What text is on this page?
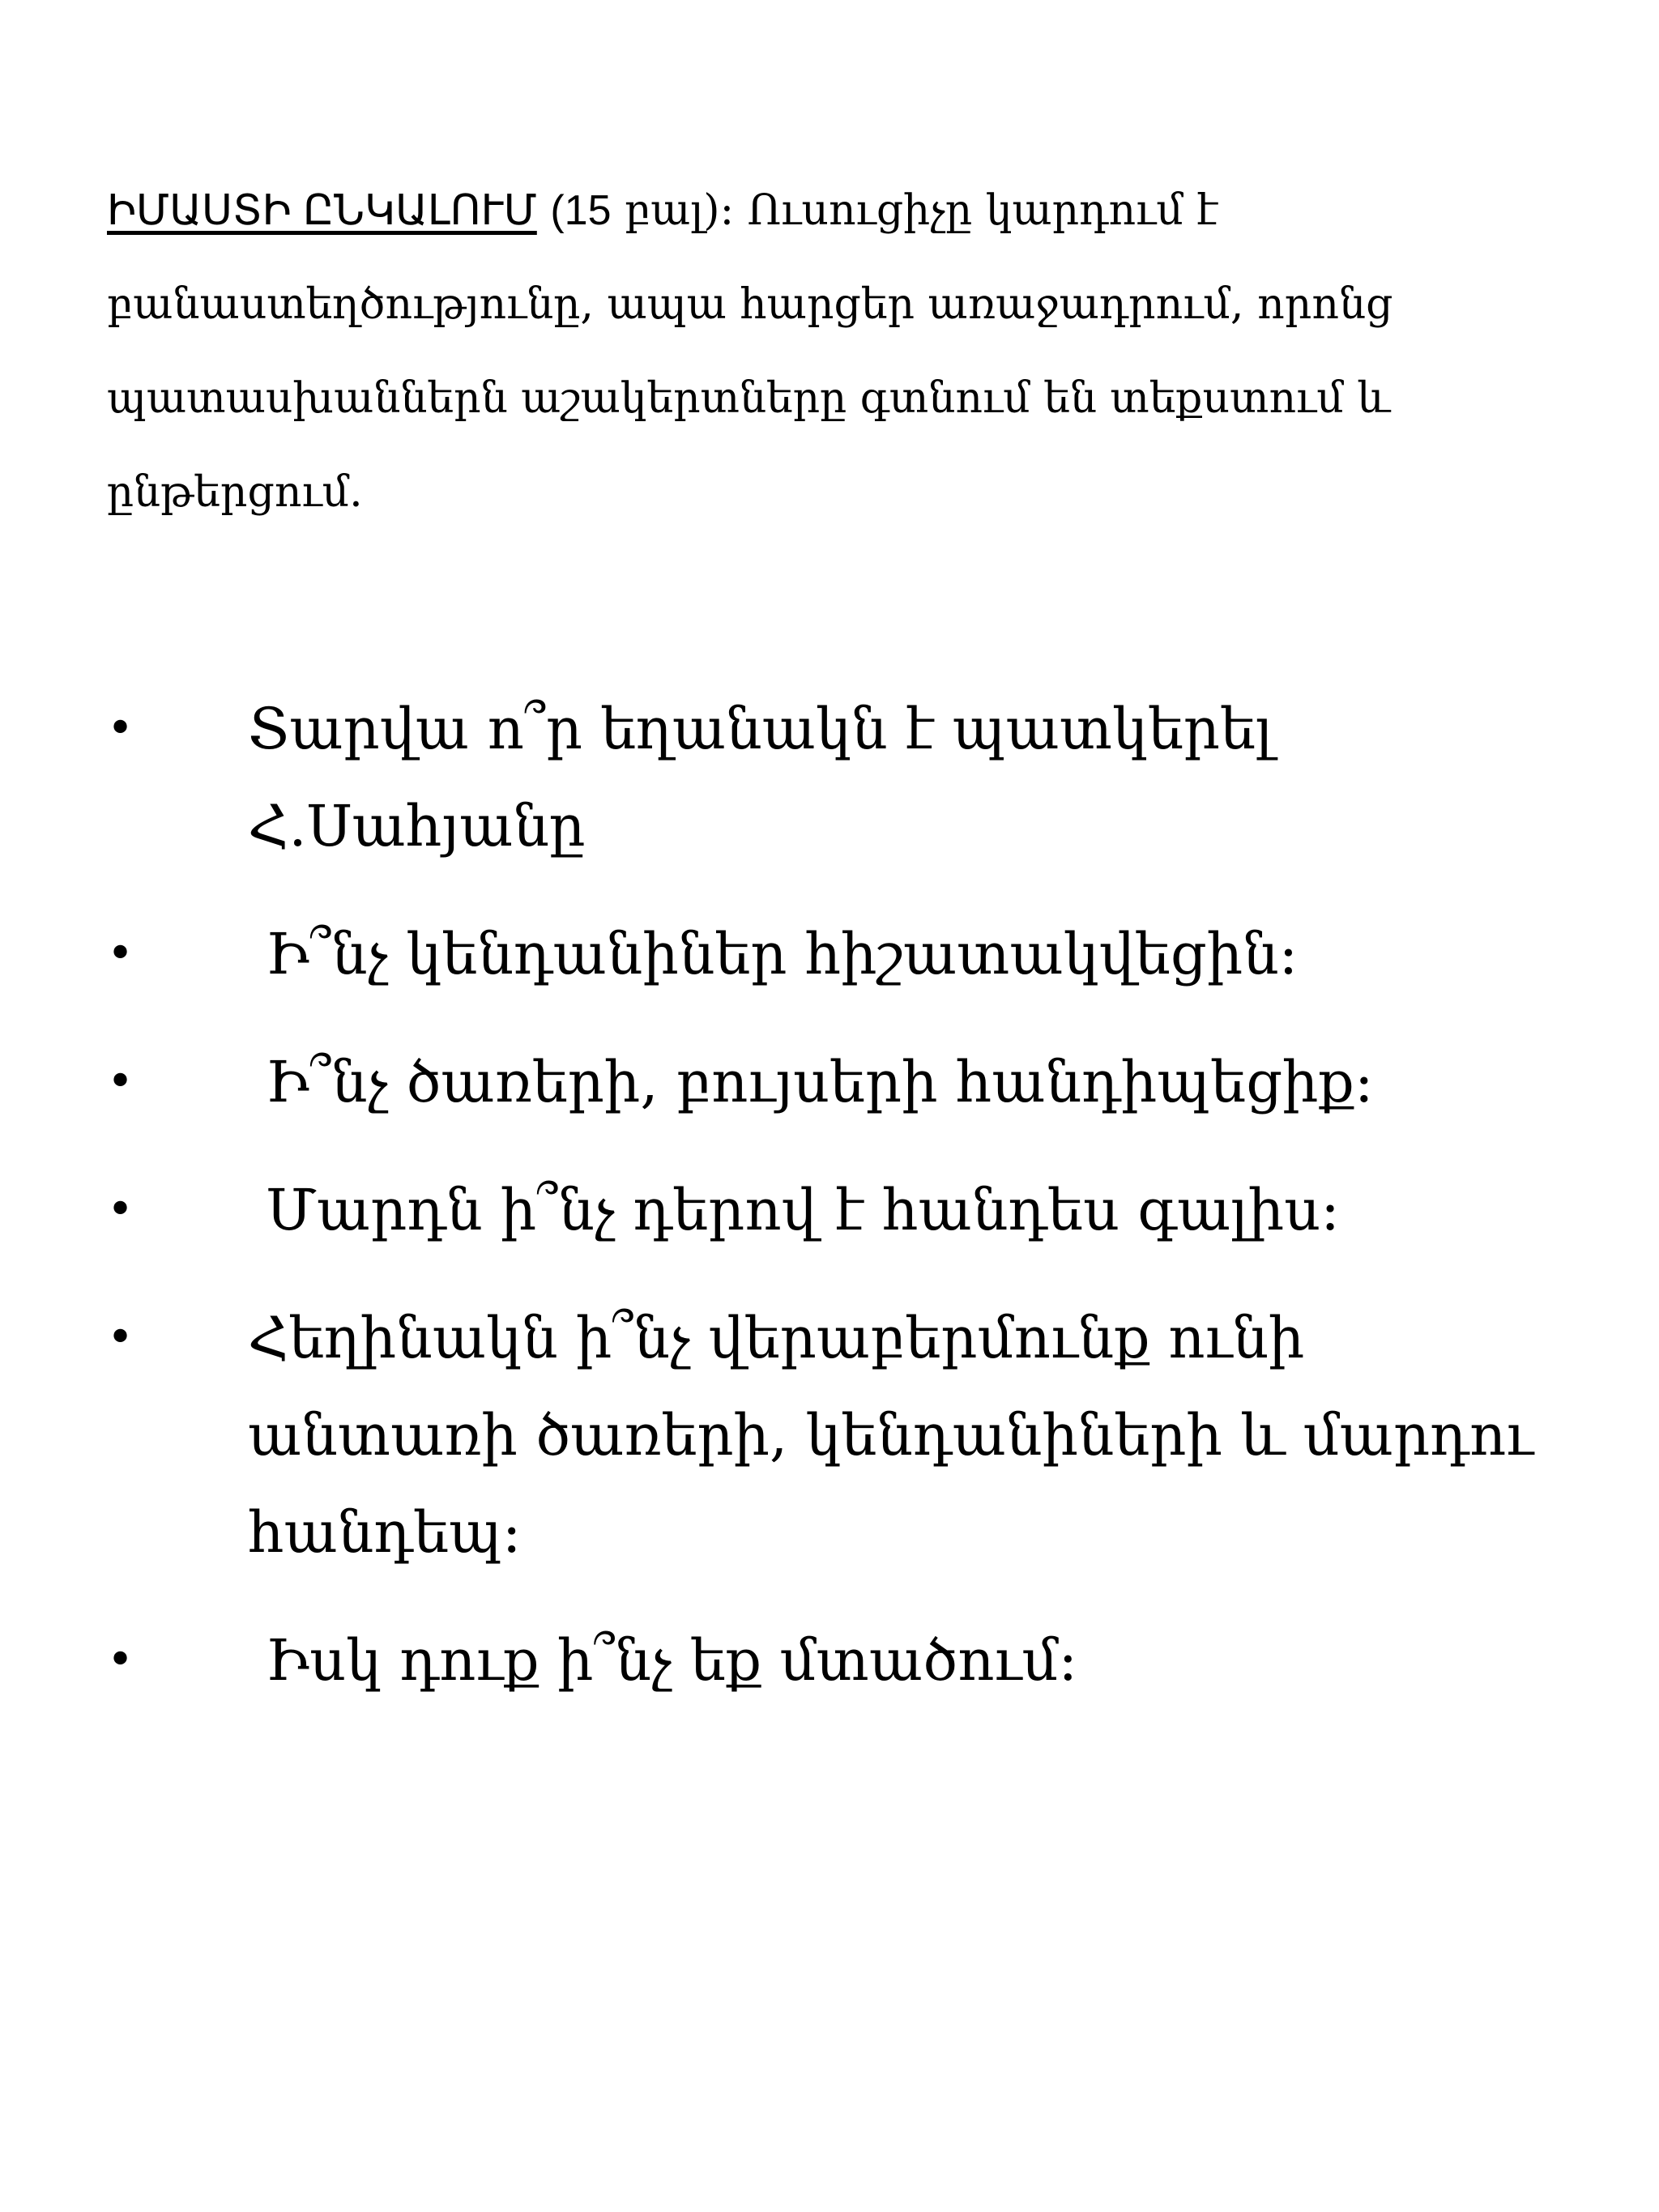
ԻՄԱՍՏԻ ԸՆԿԱԼՈՒՄ (15 բալ): Ուսուցիչը կարդում է բանաստեղծությունը, ապա հարցեր առաջադրում, որոնց պատասխաններն աշակերտները գտնում են տեքստում և ընթերցում.

•	Տարվա ո՞ր եղանակն է պատկերել Հ.Սահյանը
•	Ի՞նչ կենդանիներ հիշատակվեցին:
•	Ի՞նչ ծառերի, բույսերի հանդիպեցիք:
•	Մարդն ի՞նչ դերով է հանդես գալիս:
•	Հեղինակն ի՞նչ վերաբերմունք ունի անտառի ծառերի, կենդանիների և մարդու հանդեպ:
•	Իսկ դուք ի՞նչ եք մտածում:
